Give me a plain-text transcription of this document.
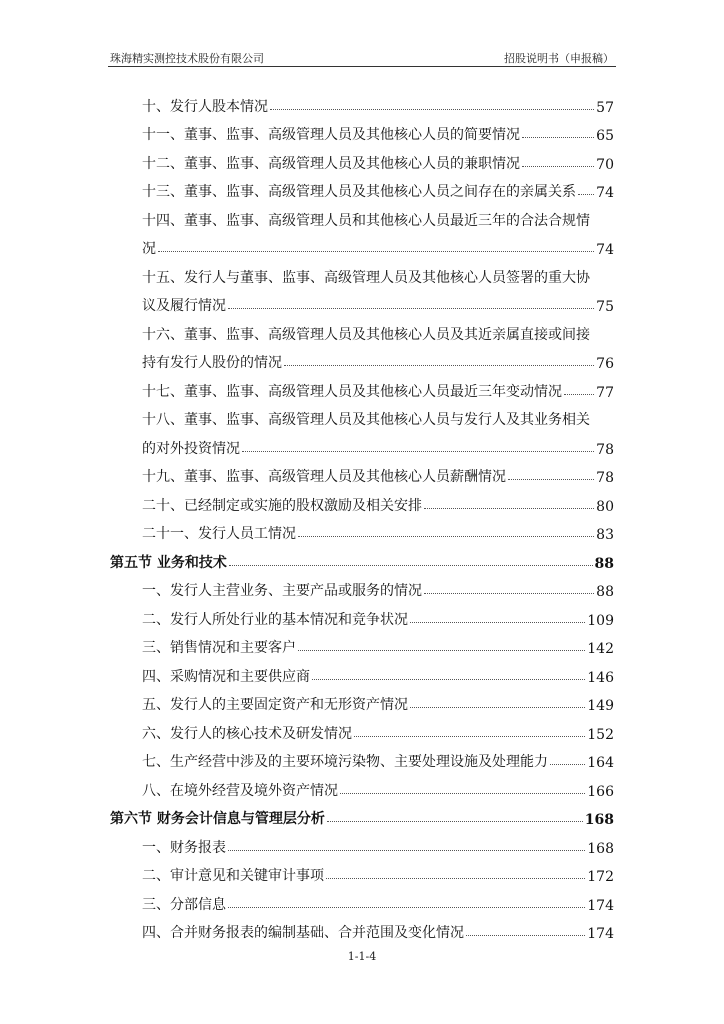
珠海精实测控技术股份有限公司	招股说明书（申报稿）
十、发行人股本情况	57
十一、董事、监事、高级管理人员及其他核心人员的简要情况	65
十二、董事、监事、高级管理人员及其他核心人员的兼职情况	70
十三、董事、监事、高级管理人员及其他核心人员之间存在的亲属关系 74
十四、董事、监事、高级管理人员和其他核心人员最近三年的合法合规情
况	74
十五、发行人与董事、监事、高级管理人员及其他核心人员签署的重大协
议及履行情况	75
十六、董事、监事、高级管理人员及其他核心人员及其近亲属直接或间接
持有发行人股份的情况	76
十七、董事、监事、高级管理人员及其他核心人员最近三年变动情况 77
十八、董事、监事、高级管理人员及其他核心人员与发行人及其业务相关
的对外投资情况	78
十九、董事、监事、高级管理人员及其他核心人员薪酬情况	78
二十、已经制定或实施的股权激励及相关安排	80
二十一、发行人员工情况	83
第五节 业务和技术	88
一、发行人主营业务、主要产品或服务的情况	88
二、发行人所处行业的基本情况和竞争状况	109
三、销售情况和主要客户	142
四、采购情况和主要供应商	146
五、发行人的主要固定资产和无形资产情况	149
六、发行人的核心技术及研发情况	152
七、生产经营中涉及的主要环境污染物、主要处理设施及处理能力	164
八、在境外经营及境外资产情况	166
第六节 财务会计信息与管理层分析	168
一、财务报表	168
二、审计意见和关键审计事项	172
三、分部信息	174
四、合并财务报表的编制基础、合并范围及变化情况	174
1-1-4
